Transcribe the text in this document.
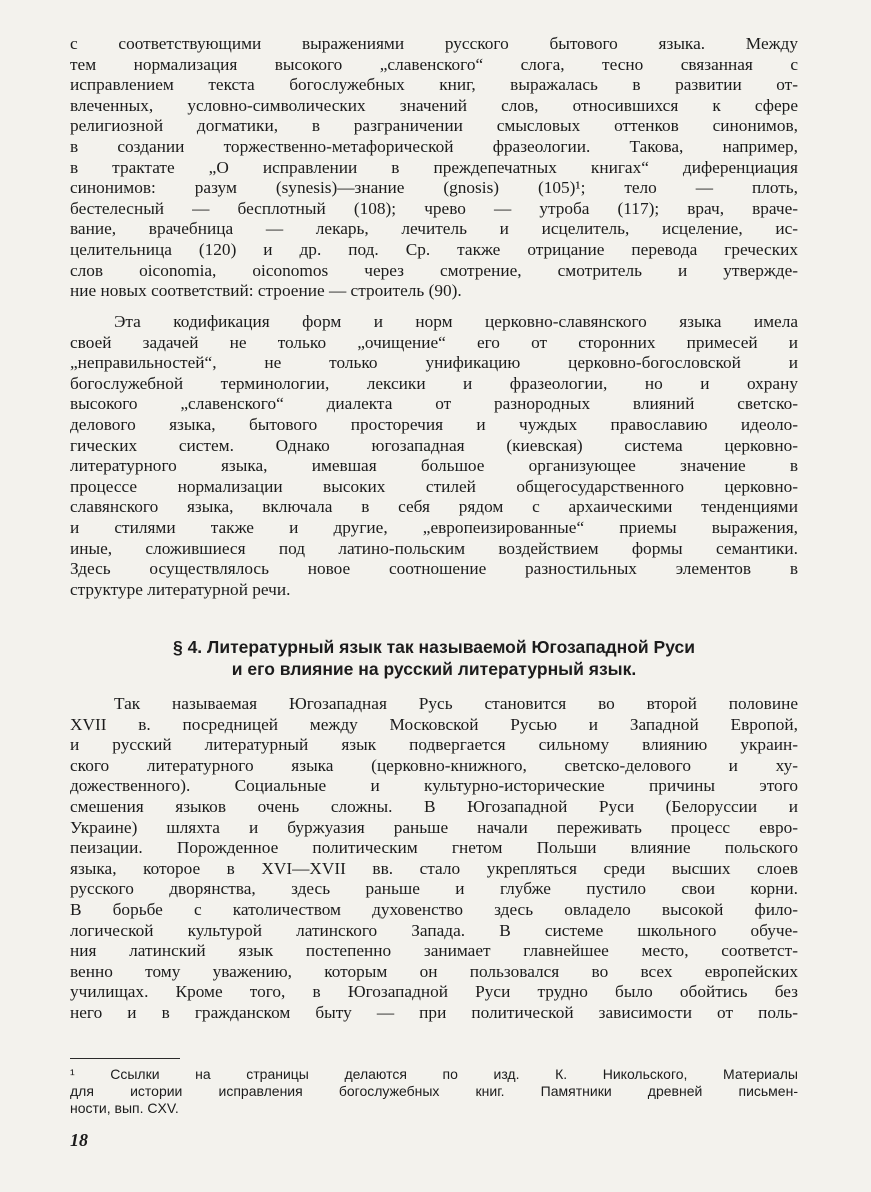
с соответствующими выражениями русского бытового языка. Между
тем нормализация высокого „славенского“ слога, тесно связанная с
исправлением текста богослужебных книг, выражалась в развитии от-
влеченных, условно-символических значений слов, относившихся к сфере
религиозной догматики, в разграничении смысловых оттенков синонимов,
в создании торжественно-метафорической фразеологии. Такова, например,
в трактате „О исправлении в преждепечатных книгах“ диференциация
синонимов: разум (synesis)—знание (gnosis) (105)¹; тело — плоть,
бестелесный — бесплотный (108); чрево — утроба (117); врач, враче-
вание, врачебница — лекарь, лечитель и исцелитель, исцеление, ис-
целительница (120) и др. под. Ср. также отрицание перевода греческих
слов oiconomia, oiconomos через смотрение, смотритель и утвержде-
ние новых соответствий: строение — строитель (90).
Эта кодификация форм и норм церковно-славянского языка имела
своей задачей не только „очищение“ его от сторонних примесей и
„неправильностей“, не только унификацию церковно-богословской и
богослужебной терминологии, лексики и фразеологии, но и охрану
высокого „славенского“ диалекта от разнородных влияний светско-
делового языка, бытового просторечия и чуждых православию идеоло-
гических систем. Однако югозападная (киевская) система церковно-
литературного языка, имевшая большое организующее значение в
процессе нормализации высоких стилей общегосударственного церковно-
славянского языка, включала в себя рядом с архаическими тенденциями
и стилями также и другие, „европеизированные“ приемы выражения,
иные, сложившиеся под латино-польским воздействием формы семантики.
Здесь осуществлялось новое соотношение разностильных элементов в
структуре литературной речи.
§ 4. Литературный язык так называемой Югозападной Руси
и его влияние на русский литературный язык.
Так называемая Югозападная Русь становится во второй половине
XVII в. посредницей между Московской Русью и Западной Европой,
и русский литературный язык подвергается сильному влиянию украин-
ского литературного языка (церковно-книжного, светско-делового и ху-
дожественного). Социальные и культурно-исторические причины этого
смешения языков очень сложны. В Югозападной Руси (Белоруссии и
Украине) шляхта и буржуазия раньше начали переживать процесс евро-
пеизации. Порожденное политическим гнетом Польши влияние польского
языка, которое в XVI—XVII вв. стало укрепляться среди высших слоев
русского дворянства, здесь раньше и глубже пустило свои корни.
В борьбе с католичеством духовенство здесь овладело высокой фило-
логической культурой латинского Запада. В системе школьного обуче-
ния латинский язык постепенно занимает главнейшее место, соответст-
венно тому уважению, которым он пользовался во всех европейских
училищах. Кроме того, в Югозападной Руси трудно было обойтись без
него и в гражданском быту — при политической зависимости от поль-
¹ Ссылки на страницы делаются по изд. К. Никольского, Материалы
для истории исправления богослужебных книг. Памятники древней письмен-
ности, вып. CXV.
18
